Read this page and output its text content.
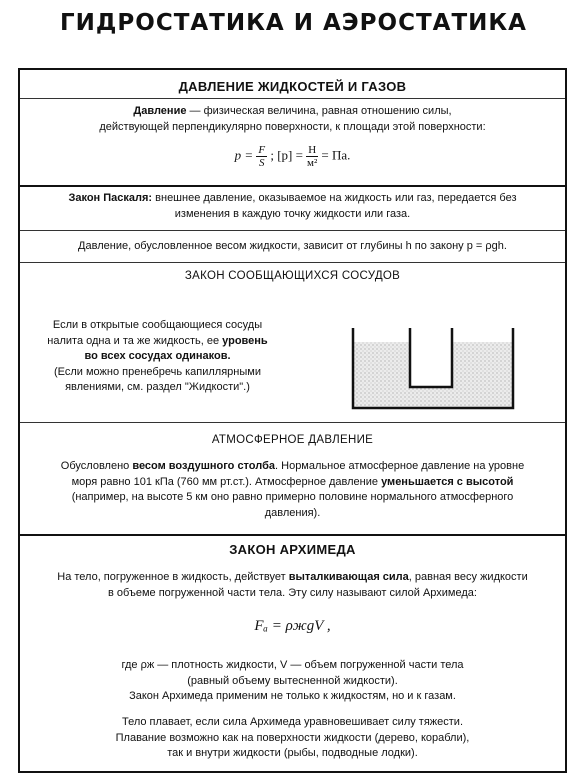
ГИДРОСТАТИКА И АЭРОСТАТИКА
ДАВЛЕНИЕ ЖИДКОСТЕЙ И ГАЗОВ
Давление — физическая величина, равная отношению силы,
действующей перпендикулярно поверхности, к площади этой поверхности:
$p = \frac{F}{S}$ ; $[p] = \frac{Н}{\text{м²}}$ = Па.
Закон Паскаля: внешнее давление, оказываемое на жидкость или газ, передается без
изменения в каждую точку жидкости или газа.
Давление, обусловленное весом жидкости, зависит от глубины h по закону p = ρgh.
ЗАКОН СООБЩАЮЩИХСЯ СОСУДОВ
Если в открытые сообщающиеся сосуды
налита одна и та же жидкость, ее уровень
во всех сосудах одинаков.
(Если можно пренебречь капиллярными
явлениями, см. раздел "Жидкости".)
АТМОСФЕРНОЕ ДАВЛЕНИЕ
Обусловлено весом воздушного столба. Нормальное атмосферное давление на уровне
моря равно 101 кПа (760 мм рт.ст.). Атмосферное давление уменьшается с высотой
(например, на высоте 5 км оно равно примерно половине нормального атмосферного
давления).
ЗАКОН АРХИМЕДА
На тело, погруженное в жидкость, действует выталкивающая сила, равная весу жидкости
в объеме погруженной части тела. Эту силу называют силой Архимеда:
Fₐ = ρжgV ,
где ρж — плотность жидкости, V — объем погруженной части тела
(равный объему вытесненной жидкости).
Закон Архимеда применим не только к жидкостям, но и к газам.
Тело плавает, если сила Архимеда уравновешивает силу тяжести.
Плавание возможно как на поверхности жидкости (дерево, корабли),
так и внутри жидкости (рыбы, подводные лодки).
